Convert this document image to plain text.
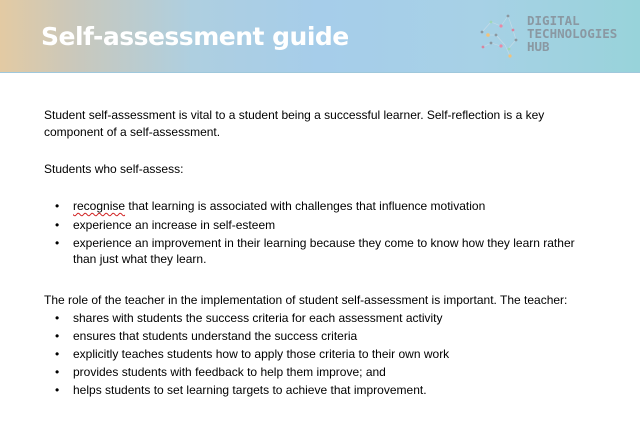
Self-assessment guide
DIGITAL
TECHNOLOGIES
HUB

Student self-assessment is vital to a student being a successful learner. Self-reflection is a key component of a self-assessment.

Students who self-assess:

• recognise that learning is associated with challenges that influence motivation
• experience an increase in self-esteem
• experience an improvement in their learning because they come to know how they learn rather than just what they learn.

The role of the teacher in the implementation of student self-assessment is important. The teacher:

• shares with students the success criteria for each assessment activity
• ensures that students understand the success criteria
• explicitly teaches students how to apply those criteria to their own work
• provides students with feedback to help them improve; and
• helps students to set learning targets to achieve that improvement.
